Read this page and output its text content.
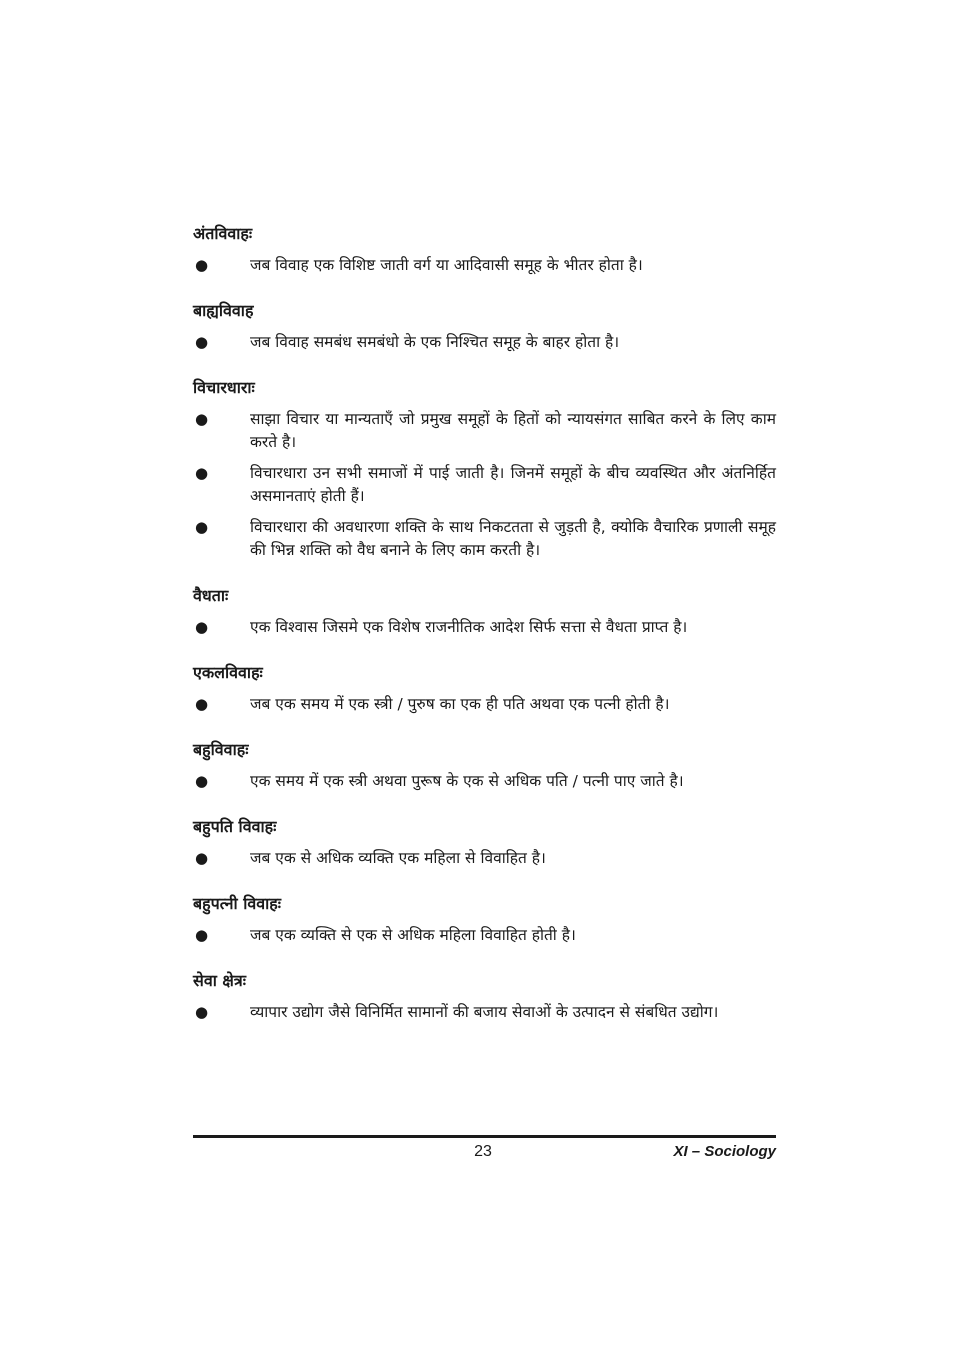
अंतविवाहः
●	जब विवाह एक विशिष्ट जाती वर्ग या आदिवासी समूह के भीतर होता है।
बाह्यविवाह
●	जब विवाह समबंध समबंधो के एक निश्चित समूह के बाहर होता है।
विचारधाराः
●	साझा विचार या मान्यताएँ जो प्रमुख समूहों के हितों को न्यायसंगत साबित करने के लिए काम करते है।
●	विचारधारा उन सभी समाजों में पाई जाती है। जिनमें समूहों के बीच व्यवस्थित और अंतनिर्हित असमानताएं होती हैं।
●	विचारधारा की अवधारणा शक्ति के साथ निकटतता से जुड़ती है, क्योकि वैचारिक प्रणाली समूह की भिन्न शक्ति को वैध बनाने के लिए काम करती है।
वैधताः
●	एक विश्वास जिसमे एक विशेष राजनीतिक आदेश सिर्फ सत्ता से वैधता प्राप्त है।
एकलविवाहः
●	जब एक समय में एक स्त्री / पुरुष का एक ही पति अथवा एक पत्नी होती है।
बहुविवाहः
●	एक समय में एक स्त्री अथवा पुरूष के एक से अधिक पति / पत्नी पाए जाते है।
बहुपति विवाहः
●	जब एक से अधिक व्यक्ति एक महिला से विवाहित है।
बहुपत्नी विवाहः
●	जब एक व्यक्ति से एक से अधिक महिला विवाहित होती है।
सेवा क्षेत्रः
●	व्यापार उद्योग जैसे विनिर्मित सामानों की बजाय सेवाओं के उत्पादन से संबधित उद्योग।
23	XI – Sociology
